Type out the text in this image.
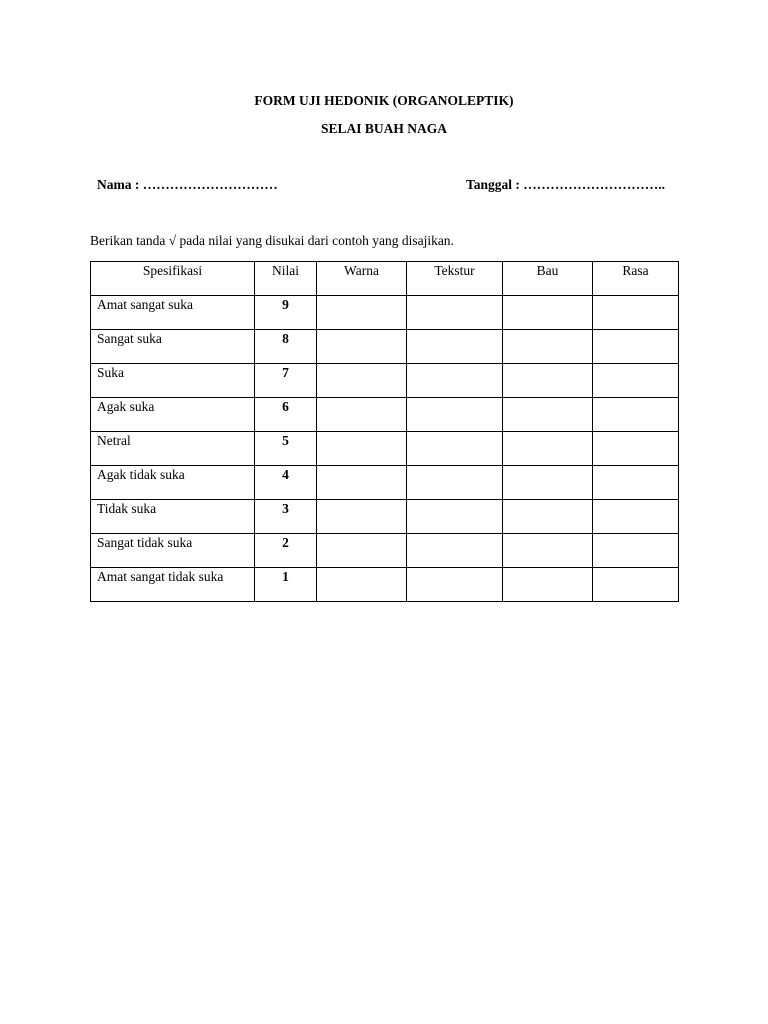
FORM UJI HEDONIK (ORGANOLEPTIK)
SELAI BUAH NAGA
Nama : …………………………	Tanggal : …………………………..
Berikan tanda √ pada nilai yang disukai dari contoh yang disajikan.
Spesifikasi	Nilai	Warna	Tekstur	Bau	Rasa
Amat sangat suka	9				
Sangat suka	8				
Suka	7				
Agak suka	6				
Netral	5				
Agak tidak suka	4				
Tidak suka	3				
Sangat tidak suka	2				
Amat sangat tidak suka	1				
